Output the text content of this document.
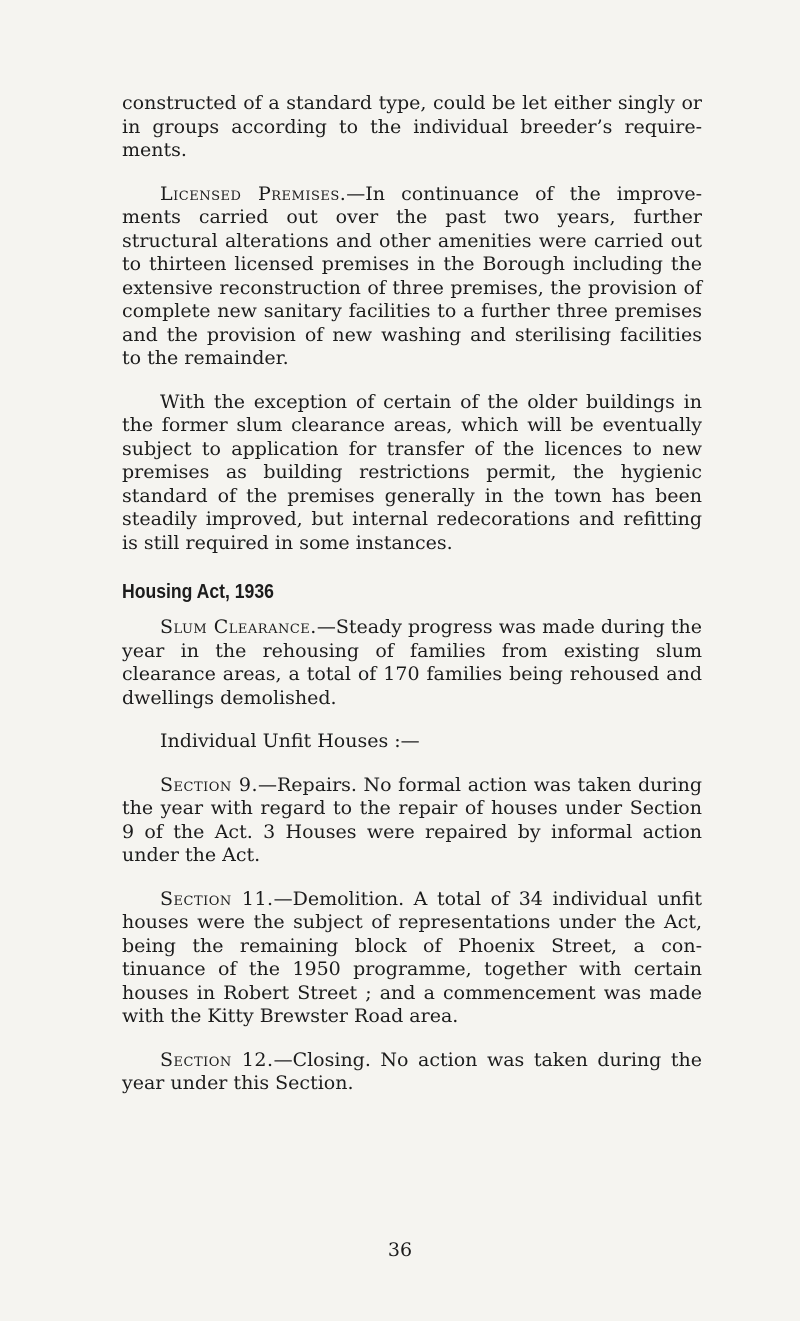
constructed of a standard type, could be let either singly or in groups according to the individual breeder’s require-ments.

Licensed Premises.—In continuance of the improve-ments carried out over the past two years, further structural alterations and other amenities were carried out to thirteen licensed premises in the Borough including the extensive reconstruction of three premises, the provision of complete new sanitary facilities to a further three premises and the provision of new washing and sterilising facilities to the remainder.

With the exception of certain of the older buildings in the former slum clearance areas, which will be eventually subject to application for transfer of the licences to new premises as building restrictions permit, the hygienic standard of the premises generally in the town has been steadily improved, but internal redecorations and refitting is still required in some instances.

Housing Act, 1936

Slum Clearance.—Steady progress was made during the year in the rehousing of families from existing slum clearance areas, a total of 170 families being rehoused and dwellings demolished.

Individual Unfit Houses :—

Section 9.—Repairs. No formal action was taken during the year with regard to the repair of houses under Section 9 of the Act. 3 Houses were repaired by informal action under the Act.

Section 11.—Demolition. A total of 34 individual unfit houses were the subject of representations under the Act, being the remaining block of Phoenix Street, a con-tinuance of the 1950 programme, together with certain houses in Robert Street ; and a commencement was made with the Kitty Brewster Road area.

Section 12.—Closing. No action was taken during the year under this Section.

36
